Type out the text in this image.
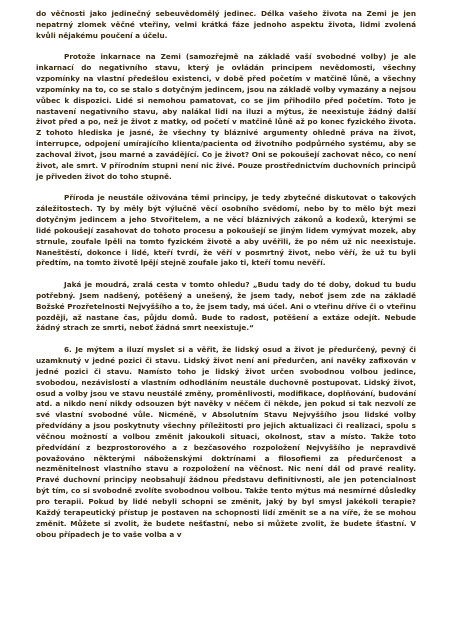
do věčnosti jako jedinečný sebeuvědomělý jedinec. Délka vašeho života na Zemi je jen nepatrný zlomek věčné vteřiny, velmi krátká fáze jednoho aspektu života, lidmi zvolená kvůli nějakému poučení a účelu.

Protože inkarnace na Zemi (samozřejmě na základě vaší svobodné volby) je ale inkarnací do negativního stavu, který je ovládán principem nevědomosti, všechny vzpomínky na vlastní předešlou existenci, v době před početím v matčině lůně, a všechny vzpomínky na to, co se stalo s dotyčným jedincem, jsou na základě volby vymazány a nejsou vůbec k dispozici. Lidé si nemohou pamatovat, co se jim přihodilo před početím. Toto je nastavení negativního stavu, aby nalákal lidi na iluzi a mýtus, že neexistuje žádný další život před a po, než je život z matky, od početí v matčině lůně až po konec fyzického života. Z tohoto hlediska je jasné, že všechny ty bláznivé argumenty ohledně práva na život, interrupce, odpojení umírajícího klienta/pacienta od životního podpůrného systému, aby se zachoval život, jsou marné a zavádějící. Co je život? Oni se pokoušejí zachovat něco, co není život, ale smrt. V přírodním stupni není nic živé. Pouze prostřednictvím duchovních principů je přiveden život do toho stupně.

Příroda je neustále oživována těmi principy, je tedy zbytečné diskutovat o takových záležitostech. Ty by měly být výlučně věcí osobního svědomí, nebo by to mělo být mezi dotyčným jedincem a jeho Stvořitelem, a ne věcí bláznivých zákonů a kodexů, kterými se lidé pokoušejí zasahovat do tohoto procesu a pokoušejí se jiným lidem vymývat mozek, aby strnule, zoufale lpěli na tomto fyzickém životě a aby uvěřili, že po něm už nic neexistuje. Naneštěstí, dokonce i lidé, kteří tvrdí, že věří v posmrtný život, nebo věří, že už tu byli předtím, na tomto životě lpějí stejně zoufale jako ti, kteří tomu nevěří.

Jaká je moudrá, zralá cesta v tomto ohledu? „Budu tady do té doby, dokud tu budu potřebný. Jsem nadšený, potěšený a unešený, že jsem tady, neboť jsem zde na základě Božské Prozřetelnosti Nejvyššího a to, že jsem tady, má účel. Ani o vteřinu dříve či o vteřinu později, až nastane čas, půjdu domů. Bude to radost, potěšení a extáze odejít. Nebude žádný strach ze smrti, neboť žádná smrt neexistuje.“

6. Je mýtem a iluzí myslet si a věřit, že lidský osud a život je předurčený, pevný či uzamknutý v jedné pozici či stavu. Lidský život není ani předurčen, ani navěky zafixován v jedné pozici či stavu. Namísto toho je lidský život určen svobodnou volbou jedince, svobodou, nezávislostí a vlastním odhodláním neustále duchovně postupovat. Lidský život, osud a volby jsou ve stavu neustálé změny, proměnlivosti, modifikace, doplňování, budování atd. a nikdo není nikdy odsouzen být navěky v něčem či někde, jen pokud si tak nezvolí ze své vlastní svobodné vůle. Nicméně, v Absolutním Stavu Nejvyššího jsou lidské volby předvídány a jsou poskytnuty všechny příležitosti pro jejich aktualizaci či realizaci, spolu s věčnou možností a volbou změnit jakoukoli situaci, okolnost, stav a místo. Takže toto předvídání z bezprostorového a z bezčasového rozpoložení Nejvyššího je nepravdivě považováno některými náboženskými doktrínami a filosofiemi za předurčenost a nezměnitelnost vlastního stavu a rozpoložení na věčnost. Nic není dál od pravé reality. Pravé duchovní principy neobsahují žádnou představu definitivnosti, ale jen potencialnost být tím, co si svobodně zvolíte svobodnou volbou. Takže tento mýtus má nesmírné důsledky pro terapii. Pokud by lidé nebyli schopni se změnit, jaký by byl smysl jakékoli terapie? Každý terapeutický přístup je postaven na schopnosti lidí změnit se a na víře, že se mohou změnit. Můžete si zvolit, že budete nešťastní, nebo si můžete zvolit, že budete šťastní. V obou případech je to vaše volba a v
